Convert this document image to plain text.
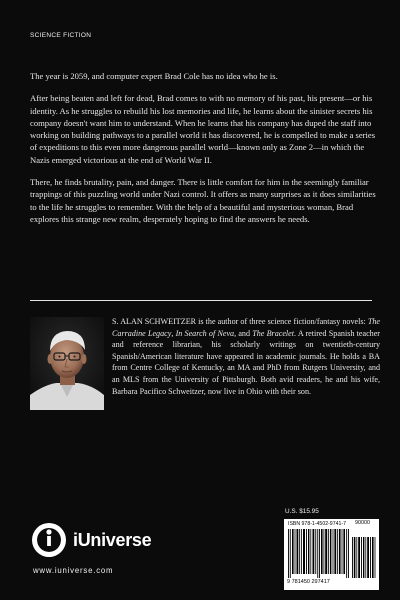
SCIENCE FICTION

The year is 2059, and computer expert Brad Cole has no idea who he is.

After being beaten and left for dead, Brad comes to with no memory of his past, his present—or his identity. As he struggles to rebuild his lost memories and life, he learns about the sinister secrets his company doesn't want him to understand. When he learns that his company has duped the staff into working on building pathways to a parallel world it has discovered, he is compelled to make a series of expeditions to this even more dangerous parallel world—known only as Zone 2—in which the Nazis emerged victorious at the end of World War II.

There, he finds brutality, pain, and danger. There is little comfort for him in the seemingly familiar trappings of this puzzling world under Nazi control. It offers as many surprises as it does similarities to the life he struggles to remember. With the help of a beautiful and mysterious woman, Brad explores this strange new realm, desperately hoping to find the answers he needs.

S. ALAN SCHWEITZER is the author of three science fiction/fantasy novels: The Carradine Legacy, In Search of Neva, and The Bracelet. A retired Spanish teacher and reference librarian, his scholarly writings on twentieth-century Spanish/American literature have appeared in academic journals. He holds a BA from Centre College of Kentucky, an MA and PhD from Rutgers University, and an MLS from the University of Pittsburgh. Both avid readers, he and his wife, Barbara Pacifico Schweitzer, now live in Ohio with their son.
U.S. $15.95
ISBN 978-1-4502-9741-7 90000
9 781450 297417
iUniverse
www.iuniverse.com
